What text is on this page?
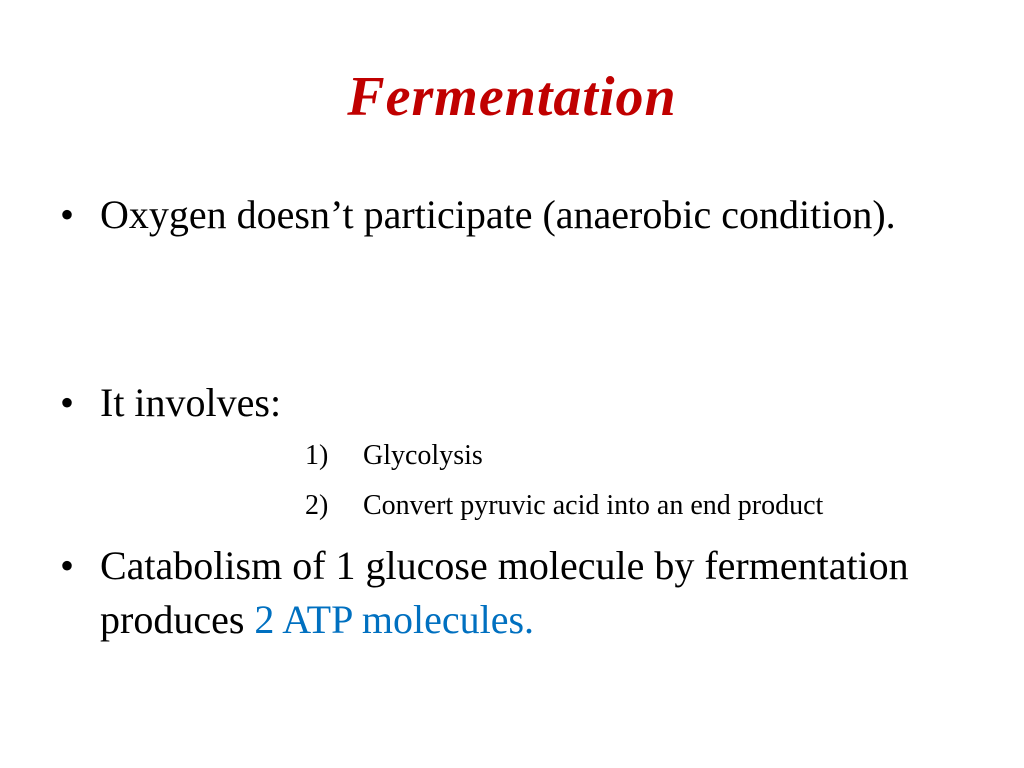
Fermentation
• Oxygen doesn’t participate (anaerobic condition).
• It involves:
1) Glycolysis
2) Convert pyruvic acid into an end product
• Catabolism of 1 glucose molecule by fermentation produces 2 ATP molecules.
